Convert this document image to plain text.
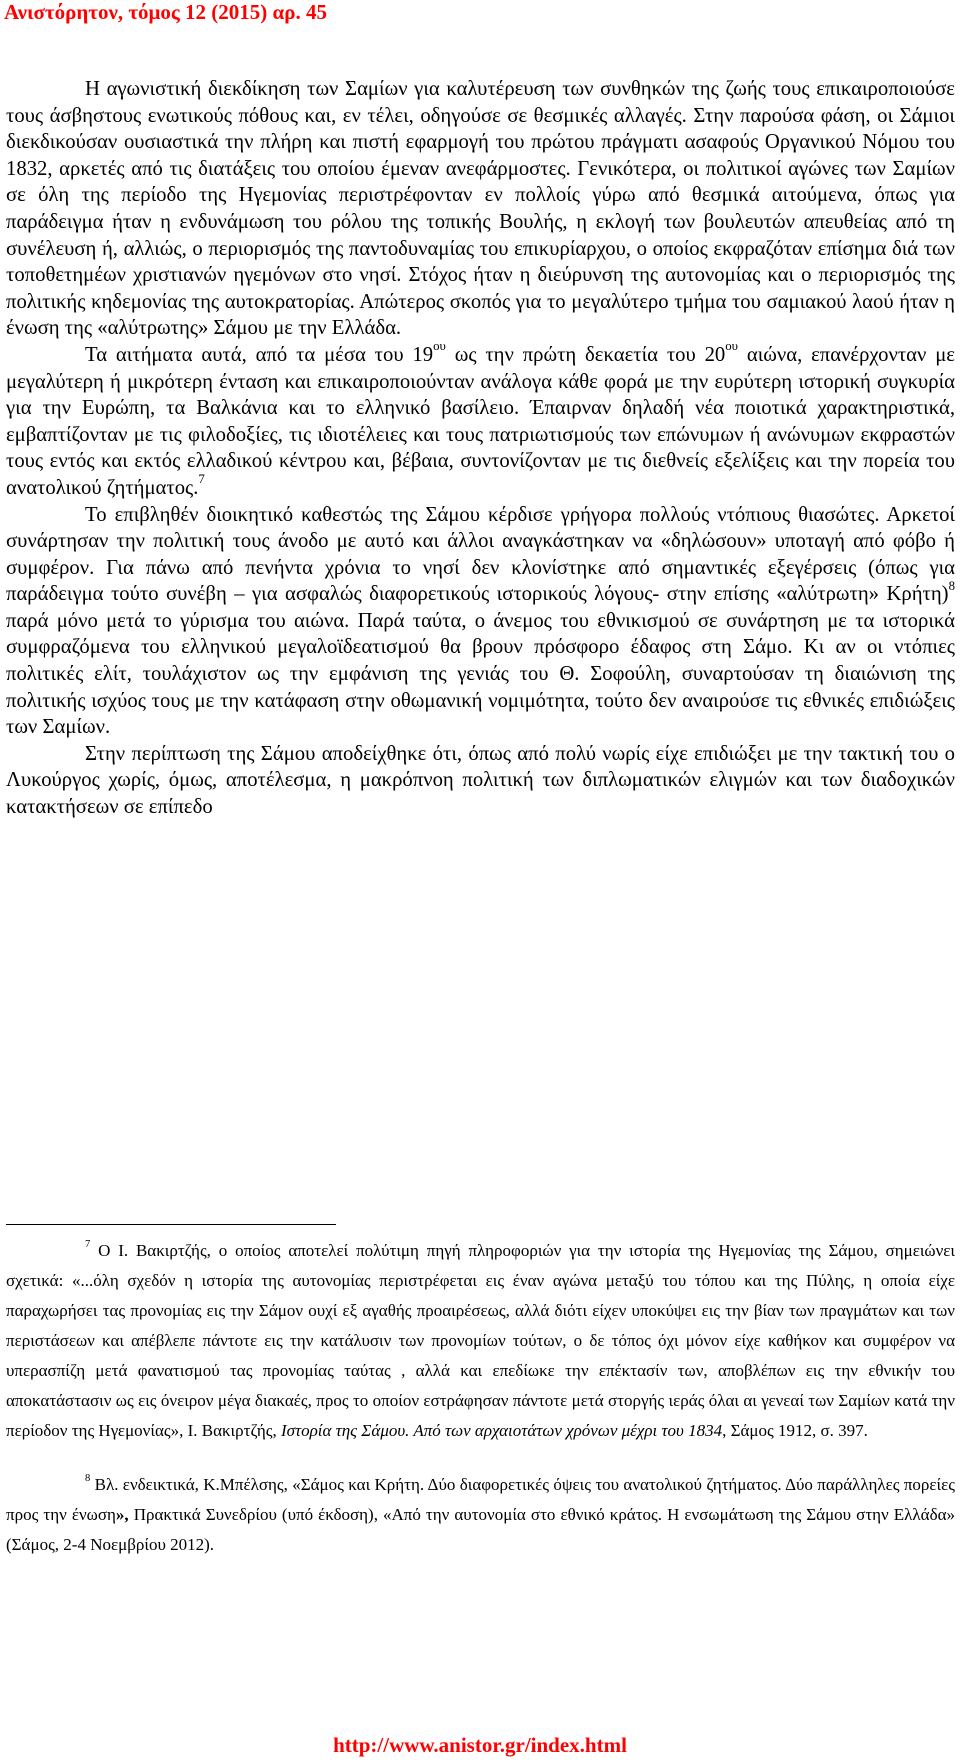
Ανιστόρητον, τόμος 12 (2015) αρ. 45

Η αγωνιστική διεκδίκηση των Σαμίων για καλυτέρευση των συνθηκών της ζωής τους επικαιροποιούσε τους άσβηστους ενωτικούς πόθους και, εν τέλει, οδηγούσε σε θεσμικές αλλαγές. Στην παρούσα φάση, οι Σάμιοι διεκδικούσαν ουσιαστικά την πλήρη και πιστή εφαρμογή του πρώτου πράγματι ασαφούς Οργανικού Νόμου του 1832, αρκετές από τις διατάξεις του οποίου έμεναν ανεφάρμοστες. Γενικότερα, οι πολιτικοί αγώνες των Σαμίων σε όλη της περίοδο της Ηγεμονίας περιστρέφονταν εν πολλοίς γύρω από θεσμικά αιτούμενα, όπως για παράδειγμα ήταν η ενδυνάμωση του ρόλου της τοπικής Βουλής, η εκλογή των βουλευτών απευθείας από τη συνέλευση ή, αλλιώς, ο περιορισμός της παντοδυναμίας του επικυρίαρχου, ο οποίος εκφραζόταν επίσημα διά των τοποθετημέων χριστιανών ηγεμόνων στο νησί. Στόχος ήταν η διεύρυνση της αυτονομίας και ο περιορισμός της πολιτικής κηδεμονίας της αυτοκρατορίας. Απώτερος σκοπός για το μεγαλύτερο τμήμα του σαμιακού λαού ήταν η ένωση της «αλύτρωτης» Σάμου με την Ελλάδα.

Τα αιτήματα αυτά, από τα μέσα του $19^{o\upsilon}$ ως την πρώτη δεκαετία του $20^{o\upsilon}$ αιώνα, επανέρχονταν με μεγαλύτερη ή μικρότερη ένταση και επικαιροποιούνταν ανάλογα κάθε φορά με την ευρύτερη ιστορική συγκυρία για την Ευρώπη, τα Βαλκάνια και το ελληνικό βασίλειο. Έπαιρναν δηλαδή νέα ποιοτικά χαρακτηριστικά, εμβαπτίζονταν με τις φιλοδοξίες, τις ιδιοτέλειες και τους πατριωτισμούς των επώνυμων ή ανώνυμων εκφραστών τους εντός και εκτός ελλαδικού κέντρου και, βέβαια, συντονίζονταν με τις διεθνείς εξελίξεις και την πορεία του ανατολικού ζητήματος.$^7$

Το επιβληθέν διοικητικό καθεστώς της Σάμου κέρδισε γρήγορα πολλούς ντόπιους θιασώτες. Αρκετοί συνάρτησαν την πολιτική τους άνοδο με αυτό και άλλοι αναγκάστηκαν να «δηλώσουν» υποταγή από φόβο ή συμφέρον. Για πάνω από πενήντα χρόνια το νησί δεν κλονίστηκε από σημαντικές εξεγέρσεις (όπως για παράδειγμα τούτο συνέβη – για ασφαλώς διαφορετικούς ιστορικούς λόγους- στην επίσης «αλύτρωτη» Κρήτη)$^8$ παρά μόνο μετά το γύρισμα του αιώνα. Παρά ταύτα, ο άνεμος του εθνικισμού σε συνάρτηση με τα ιστορικά συμφραζόμενα του ελληνικού μεγαλοϊδεατισμού θα βρουν πρόσφορο έδαφος στη Σάμο. Κι αν οι ντόπιες πολιτικές ελίτ, τουλάχιστον ως την εμφάνιση της γενιάς του Θ. Σοφούλη, συναρτούσαν τη διαιώνιση της πολιτικής ισχύος τους με την κατάφαση στην οθωμανική νομιμότητα, τούτο δεν αναιρούσε τις εθνικές επιδιώξεις των Σαμίων.

Στην περίπτωση της Σάμου αποδείχθηκε ότι, όπως από πολύ νωρίς είχε επιδιώξει με την τακτική του ο Λυκούργος χωρίς, όμως, αποτέλεσμα, η μακρόπνοη πολιτική των διπλωματικών ελιγμών και των διαδοχικών κατακτήσεων σε επίπεδο

$^7$ Ο Ι. Βακιρτζής, ο οποίος αποτελεί πολύτιμη πηγή πληροφοριών για την ιστορία της Ηγεμονίας της Σάμου, σημειώνει σχετικά: «...όλη σχεδόν η ιστορία της αυτονομίας περιστρέφεται εις έναν αγώνα μεταξύ του τόπου και της Πύλης, η οποία είχε παραχωρήσει τας προνομίας εις την Σάμον ουχί εξ αγαθής προαιρέσεως, αλλά διότι είχεν υποκύψει εις την βίαν των πραγμάτων και των περιστάσεων και απέβλεπε πάντοτε εις την κατάλυσιν των προνομίων τούτων, ο δε τόπος όχι μόνον είχε καθήκον και συμφέρον να υπερασπίζη μετά φανατισμού τας προνομίας ταύτας , αλλά και επεδίωκε την επέκτασίν των, αποβλέπων εις την εθνικήν του αποκατάστασιν ως εις όνειρον μέγα διακαές, προς το οποίον εστράφησαν πάντοτε μετά στοργής ιεράς όλαι αι γενεαί των Σαμίων κατά την περίοδον της Ηγεμονίας», Ι. Βακιρτζής, Ιστορία της Σάμου. Από των αρχαιοτάτων χρόνων μέχρι του 1834, Σάμος 1912, σ. 397.

$^8$ Βλ. ενδεικτικά, Κ.Μπέλσης, «Σάμος και Κρήτη. Δύο διαφορετικές όψεις του ανατολικού ζητήματος. Δύο παράλληλες πορείες προς την ένωση», Πρακτικά Συνεδρίου (υπό έκδοση), «Από την αυτονομία στο εθνικό κράτος. Η ενσωμάτωση της Σάμου στην Ελλάδα» (Σάμος, 2-4 Νοεμβρίου 2012).

http://www.anistor.gr/index.html
